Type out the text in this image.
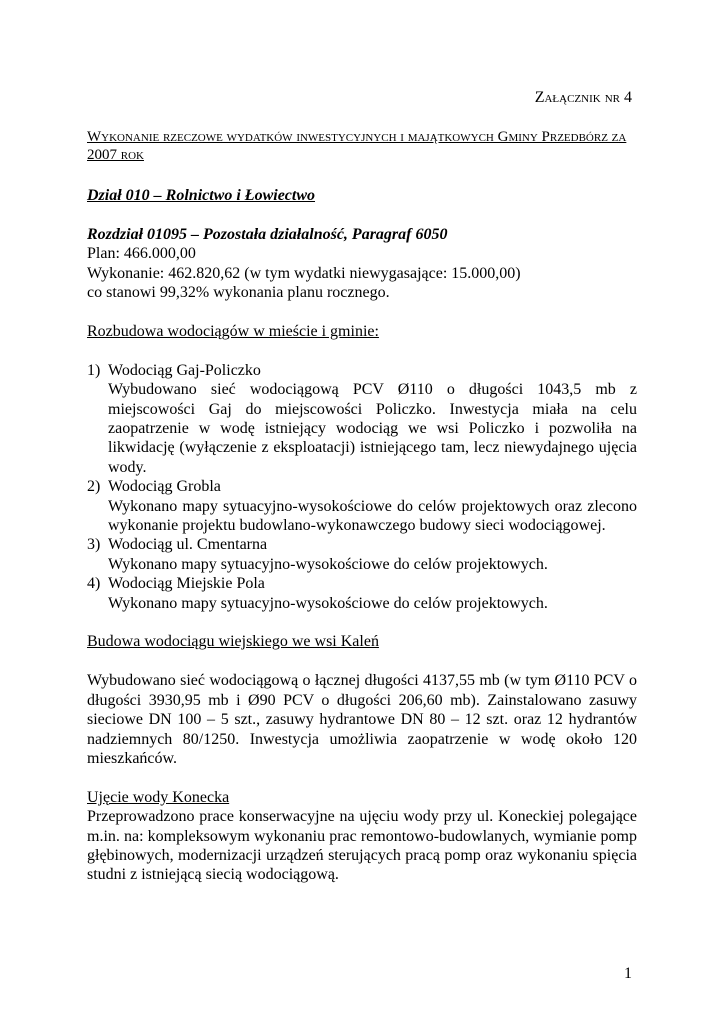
Załącznik nr 4
Wykonanie rzeczowe wydatków inwestycyjnych i majątkowych Gminy Przedbórz za 2007 rok
Dział 010 – Rolnictwo i Łowiectwo
Rozdział 01095 – Pozostała działalność, Paragraf 6050
Plan: 466.000,00
Wykonanie: 462.820,62 (w tym wydatki niewygasające: 15.000,00)
co stanowi 99,32% wykonania planu rocznego.
Rozbudowa wodociągów w mieście i gminie:
1) Wodociąg Gaj-Policzko
Wybudowano sieć wodociągową PCV Ø110 o długości 1043,5 mb z miejscowości Gaj do miejscowości Policzko. Inwestycja miała na celu zaopatrzenie w wodę istniejący wodociąg we wsi Policzko i pozwoliła na likwidację (wyłączenie z eksploatacji) istniejącego tam, lecz niewydajnego ujęcia wody.
2) Wodociąg Grobla
Wykonano mapy sytuacyjno-wysokościowe do celów projektowych oraz zlecono wykonanie projektu budowlano-wykonawczego budowy sieci wodociągowej.
3) Wodociąg ul. Cmentarna
Wykonano mapy sytuacyjno-wysokościowe do celów projektowych.
4) Wodociąg Miejskie Pola
Wykonano mapy sytuacyjno-wysokościowe do celów projektowych.
Budowa wodociągu wiejskiego we wsi Kaleń
Wybudowano sieć wodociągową o łącznej długości 4137,55 mb (w tym Ø110 PCV o długości 3930,95 mb i Ø90 PCV o długości 206,60 mb). Zainstalowano zasuwy sieciowe DN 100 – 5 szt., zasuwy hydrantowe DN 80 – 12 szt. oraz 12 hydrantów nadziemnych 80/1250. Inwestycja umożliwia zaopatrzenie w wodę około 120 mieszkańców.
Ujęcie wody Konecka
Przeprowadzono prace konserwacyjne na ujęciu wody przy ul. Koneckiej polegające m.in. na: kompleksowym wykonaniu prac remontowo-budowlanych, wymianie pomp głębinowych, modernizacji urządzeń sterujących pracą pomp oraz wykonaniu spięcia studni z istniejącą siecią wodociągową.
1
